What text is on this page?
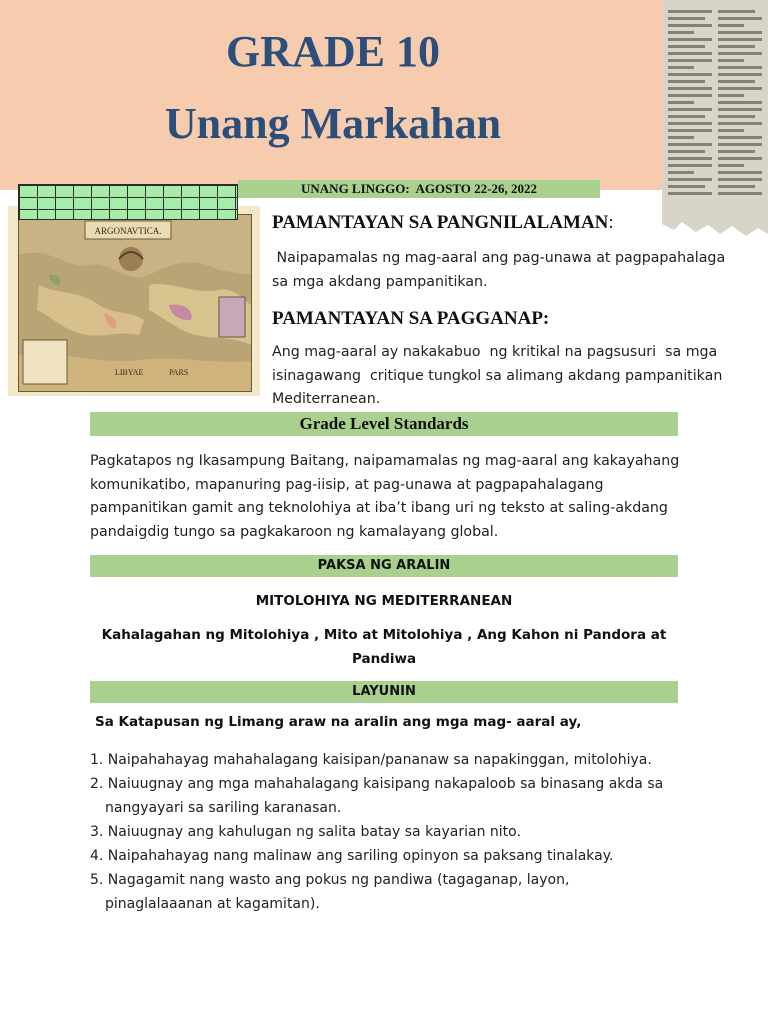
GRADE 10
Unang Markahan
ARGONAVTICA.
LIBYAE	PARS
UNANG LINGGO:  AGOSTO 22-26, 2022
PAMANTAYAN SA PANGNILALAMAN:
Naipapamalas ng mag-aaral ang pag-unawa at pagpapahalaga sa mga akdang pampanitikan.
PAMANTAYAN SA PAGGANAP:
Ang mag-aaral ay nakakabuo  ng kritikal na pagsusuri  sa mga isinagawang  critique tungkol sa alimang akdang pampanitikan Mediterranean.
Grade Level Standards
Pagkatapos ng Ikasampung Baitang, naipamamalas ng mag-aaral ang kakayahang komunikatibo, mapanuring pag-iisip, at pag-unawa at pagpapahalagang pampanitikan gamit ang teknolohiya at iba’t ibang uri ng teksto at saling-akdang pandaigdig tungo sa pagkakaroon ng kamalayang global.
PAKSA NG ARALIN
MITOLOHIYA NG MEDITERRANEAN
Kahalagahan ng Mitolohiya , Mito at Mitolohiya , Ang Kahon ni Pandora at
Pandiwa
LAYUNIN
Sa Katapusan ng Limang araw na aralin ang mga mag- aaral ay,
1. Naipahahayag mahahalagang kaisipan/pananaw sa napakinggan, mitolohiya.
2. Naiuugnay ang mga mahahalagang kaisipang nakapaloob sa binasang akda sa
nangyayari sa sariling karanasan.
3. Naiuugnay ang kahulugan ng salita batay sa kayarian nito.
4. Naipahahayag nang malinaw ang sariling opinyon sa paksang tinalakay.
5. Nagagamit nang wasto ang pokus ng pandiwa (tagaganap, layon,
pinaglalaaanan at kagamitan).
